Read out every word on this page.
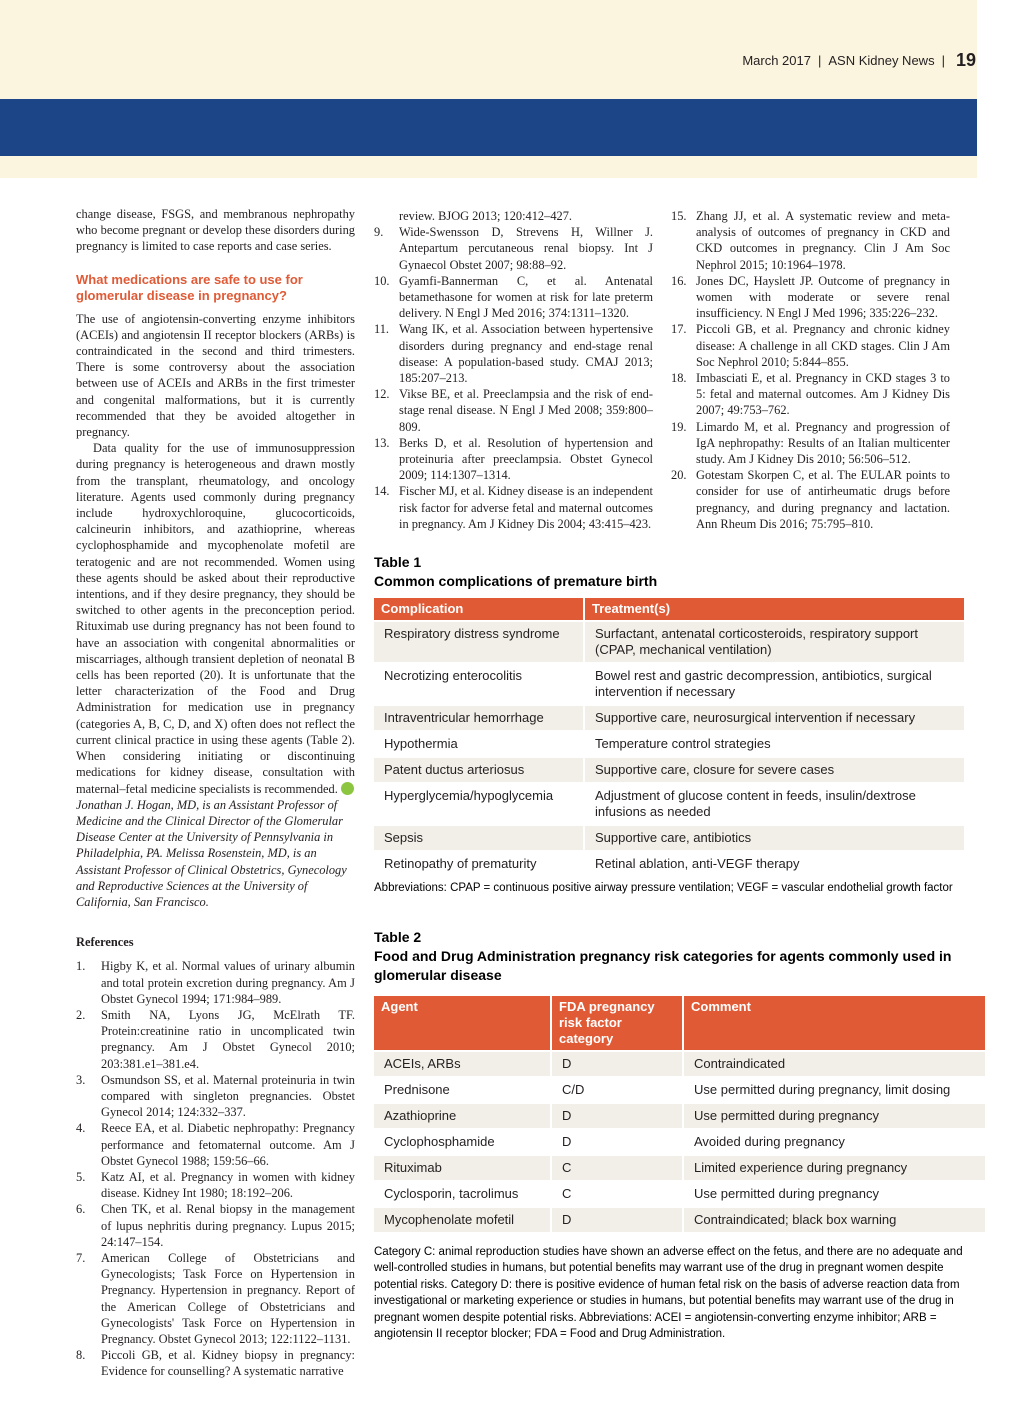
March 2017 | ASN Kidney News | 19

change disease, FSGS, and membranous nephropathy who become pregnant or develop these disorders during pregnancy is limited to case reports and case series.

What medications are safe to use for glomerular disease in pregnancy?

The use of angiotensin-converting enzyme inhibitors (ACEIs) and angiotensin II receptor blockers (ARBs) is contraindicated in the second and third trimesters. There is some controversy about the association between use of ACEIs and ARBs in the first trimester and congenital malformations, but it is currently recommended that they be avoided altogether in pregnancy.

Data quality for the use of immunosuppression during pregnancy is heterogeneous and drawn mostly from the transplant, rheumatology, and oncology literature. Agents used commonly during pregnancy include hydroxychloroquine, glucocorticoids, calcineurin inhibitors, and azathioprine, whereas cyclophosphamide and mycophenolate mofetil are teratogenic and are not recommended. Women using these agents should be asked about their reproductive intentions, and if they desire pregnancy, they should be switched to other agents in the preconception period. Rituximab use during pregnancy has not been found to have an association with congenital abnormalities or miscarriages, although transient depletion of neonatal B cells has been reported (20). It is unfortunate that the letter characterization of the Food and Drug Administration for medication use in pregnancy (categories A, B, C, D, and X) often does not reflect the current clinical practice in using these agents (Table 2). When considering initiating or discontinuing medications for kidney disease, consultation with maternal–fetal medicine specialists is recommended.

Jonathan J. Hogan, MD, is an Assistant Professor of Medicine and the Clinical Director of the Glomerular Disease Center at the University of Pennsylvania in Philadelphia, PA. Melissa Rosenstein, MD, is an Assistant Professor of Clinical Obstetrics, Gynecology and Reproductive Sciences at the University of California, San Francisco.

References
1.	Higby K, et al. Normal values of urinary albumin and total protein excretion during pregnancy. Am J Obstet Gynecol 1994; 171:984–989.
2.	Smith NA, Lyons JG, McElrath TF. Protein:creatinine ratio in uncomplicated twin pregnancy. Am J Obstet Gynecol 2010; 203:381.e1–381.e4.
3.	Osmundson SS, et al. Maternal proteinuria in twin compared with singleton pregnancies. Obstet Gynecol 2014; 124:332–337.
4.	Reece EA, et al. Diabetic nephropathy: Pregnancy performance and fetomaternal outcome. Am J Obstet Gynecol 1988; 159:56–66.
5.	Katz AI, et al. Pregnancy in women with kidney disease. Kidney Int 1980; 18:192–206.
6.	Chen TK, et al. Renal biopsy in the management of lupus nephritis during pregnancy. Lupus 2015; 24:147–154.
7.	American College of Obstetricians and Gynecologists; Task Force on Hypertension in Pregnancy. Hypertension in pregnancy. Report of the American College of Obstetricians and Gynecologists' Task Force on Hypertension in Pregnancy. Obstet Gynecol 2013; 122:1122–1131.
8.	Piccoli GB, et al. Kidney biopsy in pregnancy: Evidence for counselling? A systematic narrative
review. BJOG 2013; 120:412–427.
9.	Wide-Swensson D, Strevens H, Willner J. Antepartum percutaneous renal biopsy. Int J Gynaecol Obstet 2007; 98:88–92.
10. Gyamfi-Bannerman C, et al. Antenatal betamethasone for women at risk for late preterm delivery. N Engl J Med 2016; 374:1311–1320.
11. Wang IK, et al. Association between hypertensive disorders during pregnancy and end-stage renal disease: A population-based study. CMAJ 2013; 185:207–213.
12. Vikse BE, et al. Preeclampsia and the risk of end-stage renal disease. N Engl J Med 2008; 359:800–809.
13. Berks D, et al. Resolution of hypertension and proteinuria after preeclampsia. Obstet Gynecol 2009; 114:1307–1314.
14. Fischer MJ, et al. Kidney disease is an independent risk factor for adverse fetal and maternal outcomes in pregnancy. Am J Kidney Dis 2004; 43:415–423.
15. Zhang JJ, et al. A systematic review and meta-analysis of outcomes of pregnancy in CKD and CKD outcomes in pregnancy. Clin J Am Soc Nephrol 2015; 10:1964–1978.
16. Jones DC, Hayslett JP. Outcome of pregnancy in women with moderate or severe renal insufficiency. N Engl J Med 1996; 335:226–232.
17. Piccoli GB, et al. Pregnancy and chronic kidney disease: A challenge in all CKD stages. Clin J Am Soc Nephrol 2010; 5:844–855.
18. Imbasciati E, et al. Pregnancy in CKD stages 3 to 5: fetal and maternal outcomes. Am J Kidney Dis 2007; 49:753–762.
19. Limardo M, et al. Pregnancy and progression of IgA nephropathy: Results of an Italian multicenter study. Am J Kidney Dis 2010; 56:506–512.
20. Gotestam Skorpen C, et al. The EULAR points to consider for use of antirheumatic drugs before pregnancy, and during pregnancy and lactation. Ann Rheum Dis 2016; 75:795–810.
Table 1
Common complications of premature birth
Complication	Treatment(s)
Respiratory distress syndrome	Surfactant, antenatal corticosteroids, respiratory support (CPAP, mechanical ventilation)
Necrotizing enterocolitis	Bowel rest and gastric decompression, antibiotics, surgical intervention if necessary
Intraventricular hemorrhage	Supportive care, neurosurgical intervention if necessary
Hypothermia	Temperature control strategies
Patent ductus arteriosus	Supportive care, closure for severe cases
Hyperglycemia/hypoglycemia	Adjustment of glucose content in feeds, insulin/dextrose infusions as needed
Sepsis	Supportive care, antibiotics
Retinopathy of prematurity	Retinal ablation, anti-VEGF therapy
Abbreviations: CPAP = continuous positive airway pressure ventilation; VEGF = vascular endothelial growth factor
Table 2
Food and Drug Administration pregnancy risk categories for agents commonly used in glomerular disease
Agent	FDA pregnancy risk factor category	Comment
ACEIs, ARBs	D	Contraindicated
Prednisone	C/D	Use permitted during pregnancy, limit dosing
Azathioprine	D	Use permitted during pregnancy
Cyclophosphamide	D	Avoided during pregnancy
Rituximab	C	Limited experience during pregnancy
Cyclosporin, tacrolimus	C	Use permitted during pregnancy
Mycophenolate mofetil	D	Contraindicated; black box warning
Category C: animal reproduction studies have shown an adverse effect on the fetus, and there are no adequate and well-controlled studies in humans, but potential benefits may warrant use of the drug in pregnant women despite potential risks. Category D: there is positive evidence of human fetal risk on the basis of adverse reaction data from investigational or marketing experience or studies in humans, but potential benefits may warrant use of the drug in pregnant women despite potential risks. Abbreviations: ACEI = angiotensin-converting enzyme inhibitor; ARB = angiotensin II receptor blocker; FDA = Food and Drug Administration.
